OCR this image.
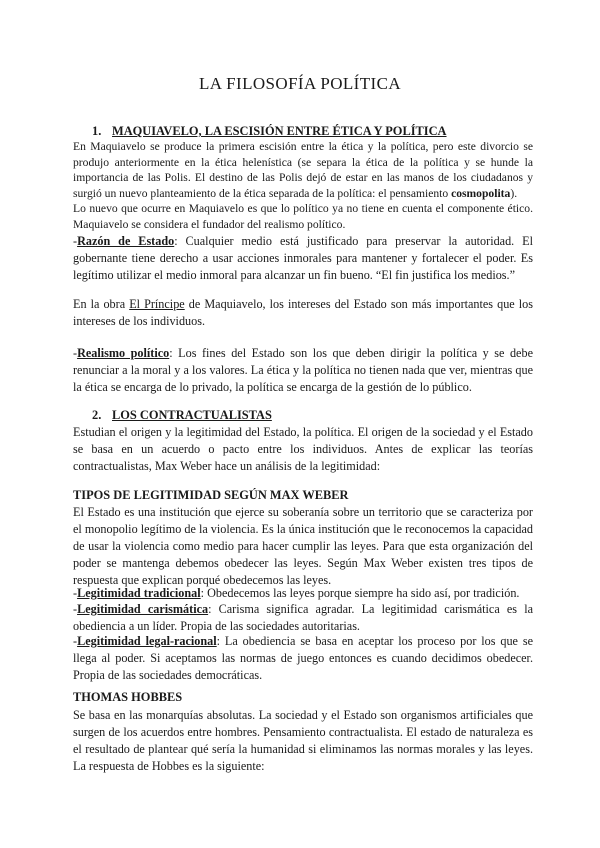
LA FILOSOFÍA POLÍTICA
1. MAQUIAVELO, LA ESCISIÓN ENTRE ÉTICA Y POLÍTICA
En Maquiavelo se produce la primera escisión entre la ética y la política, pero este divorcio se produjo anteriormente en la ética helenística (se separa la ética de la política y se hunde la importancia de las Polis. El destino de las Polis dejó de estar en las manos de los ciudadanos y surgió un nuevo planteamiento de la ética separada de la política: el pensamiento cosmopolita).
Lo nuevo que ocurre en Maquiavelo es que lo político ya no tiene en cuenta el componente ético. Maquiavelo se considera el fundador del realismo político.
-Razón de Estado: Cualquier medio está justificado para preservar la autoridad. El gobernante tiene derecho a usar acciones inmorales para mantener y fortalecer el poder. Es legítimo utilizar el medio inmoral para alcanzar un fin bueno. “El fin justifica los medios.”
En la obra El Príncipe de Maquiavelo, los intereses del Estado son más importantes que los intereses de los individuos.
-Realismo político: Los fines del Estado son los que deben dirigir la política y se debe renunciar a la moral y a los valores. La ética y la política no tienen nada que ver, mientras que la ética se encarga de lo privado, la política se encarga de la gestión de lo público.
2. LOS CONTRACTUALISTAS
Estudian el origen y la legitimidad del Estado, la política. El origen de la sociedad y el Estado se basa en un acuerdo o pacto entre los individuos. Antes de explicar las teorías contractualistas, Max Weber hace un análisis de la legitimidad:
TIPOS DE LEGITIMIDAD SEGÚN MAX WEBER
El Estado es una institución que ejerce su soberanía sobre un territorio que se caracteriza por el monopolio legítimo de la violencia. Es la única institución que le reconocemos la capacidad de usar la violencia como medio para hacer cumplir las leyes. Para que esta organización del poder se mantenga debemos obedecer las leyes. Según Max Weber existen tres tipos de respuesta que explican porqué obedecemos las leyes.
-Legitimidad tradicional: Obedecemos las leyes porque siempre ha sido así, por tradición.
-Legitimidad carismática: Carisma significa agradar. La legitimidad carismática es la obediencia a un líder. Propia de las sociedades autoritarias.
-Legitimidad legal-racional: La obediencia se basa en aceptar los proceso por los que se llega al poder. Si aceptamos las normas de juego entonces es cuando decidimos obedecer. Propia de las sociedades democráticas.
THOMAS HOBBES
Se basa en las monarquías absolutas. La sociedad y el Estado son organismos artificiales que surgen de los acuerdos entre hombres. Pensamiento contractualista. El estado de naturaleza es el resultado de plantear qué sería la humanidad si eliminamos las normas morales y las leyes. La respuesta de Hobbes es la siguiente:
